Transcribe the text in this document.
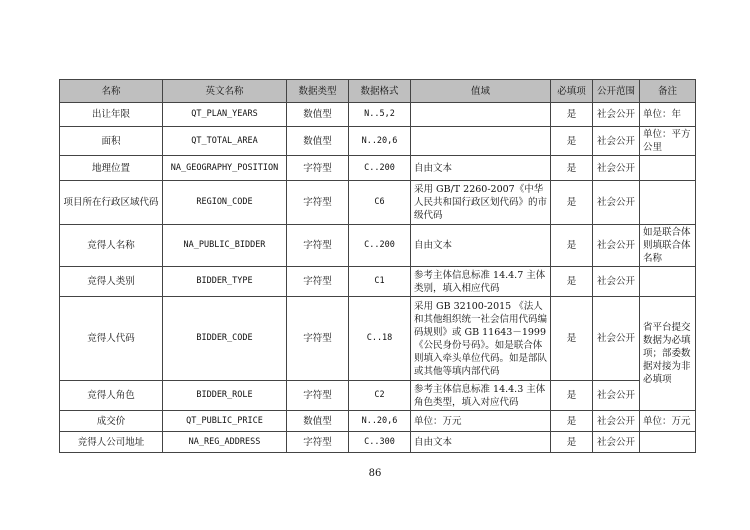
名称	英文名称	数据类型	数据格式	值域	必填项	公开范围	备注
出让年限	QT_PLAN_YEARS	数值型	N..5,2		是	社会公开	单位：年
面积	QT_TOTAL_AREA	数值型	N..20,6		是	社会公开	单位：平方公里
地理位置	NA_GEOGRAPHY_POSITION	字符型	C..200	自由文本	是	社会公开	
项目所在行政区域代码	REGION_CODE	字符型	C6	采用 GB/T 2260-2007《中华人民共和国行政区划代码》的市级代码	是	社会公开	
竞得人名称	NA_PUBLIC_BIDDER	字符型	C..200	自由文本	是	社会公开	如是联合体则填联合体名称
竞得人类别	BIDDER_TYPE	字符型	C1	参考主体信息标准 14.4.7 主体类别，填入相应代码	是	社会公开	
竞得人代码	BIDDER_CODE	字符型	C..18	采用 GB 32100-2015 《法人和其他组织统一社会信用代码编码规则》或 GB 11643－1999《公民身份号码》。如是联合体则填入牵头单位代码。如是部队或其他等填内部代码	是	社会公开	省平台提交数据为必填项；部委数据对接为非必填项
竞得人角色	BIDDER_ROLE	字符型	C2	参考主体信息标准 14.4.3 主体角色类型，填入对应代码	是	社会公开	
成交价	QT_PUBLIC_PRICE	数值型	N..20,6	单位：万元	是	社会公开	单位：万元
竞得人公司地址	NA_REG_ADDRESS	字符型	C..300	自由文本	是	社会公开	
86
